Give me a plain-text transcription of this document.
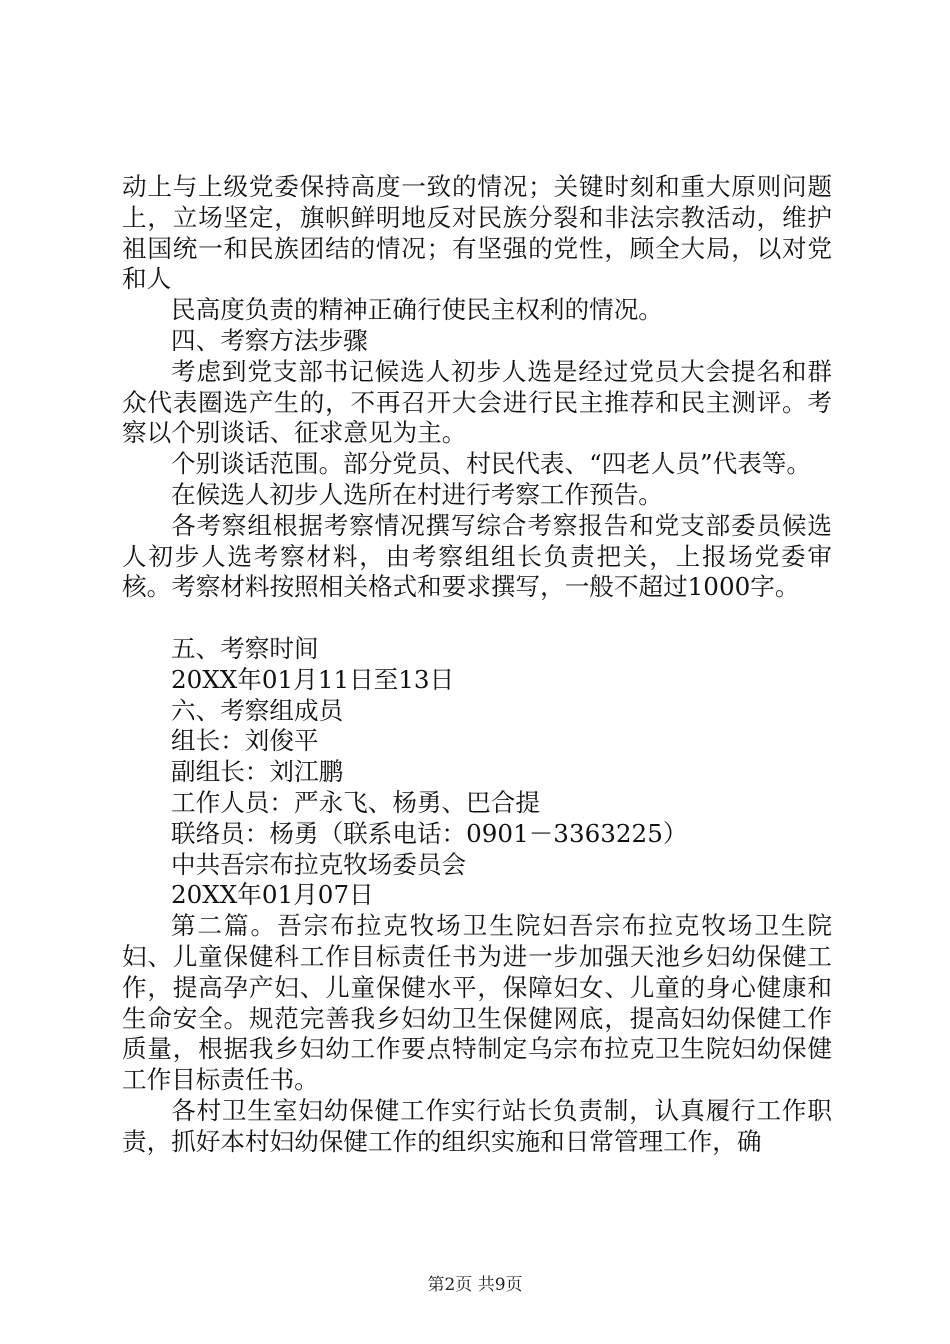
动上与上级党委保持高度一致的情况；关键时刻和重大原则问题上，立场坚定，旗帜鲜明地反对民族分裂和非法宗教活动，维护祖国统一和民族团结的情况；有坚强的党性，顾全大局，以对党和人

民高度负责的精神正确行使民主权利的情况。

四、考察方法步骤

考虑到党支部书记候选人初步人选是经过党员大会提名和群众代表圈选产生的，不再召开大会进行民主推荐和民主测评。考察以个别谈话、征求意见为主。

个别谈话范围。部分党员、村民代表、“四老人员”代表等。

在候选人初步人选所在村进行考察工作预告。

各考察组根据考察情况撰写综合考察报告和党支部委员候选人初步人选考察材料，由考察组组长负责把关，上报场党委审核。考察材料按照相关格式和要求撰写，一般不超过1000字。

五、考察时间

20XX年01月11日至13日

六、考察组成员

组长：刘俊平

副组长：刘江鹏

工作人员：严永飞、杨勇、巴合提

联络员：杨勇（联系电话：0901－3363225）

中共吾宗布拉克牧场委员会

20XX年01月07日

第二篇。吾宗布拉克牧场卫生院妇吾宗布拉克牧场卫生院妇、儿童保健科工作目标责任书为进一步加强天池乡妇幼保健工作，提高孕产妇、儿童保健水平，保障妇女、儿童的身心健康和生命安全。规范完善我乡妇幼卫生保健网底，提高妇幼保健工作质量，根据我乡妇幼工作要点特制定乌宗布拉克卫生院妇幼保健工作目标责任书。

各村卫生室妇幼保健工作实行站长负责制，认真履行工作职责，抓好本村妇幼保健工作的组织实施和日常管理工作，确

第2页 共9页
